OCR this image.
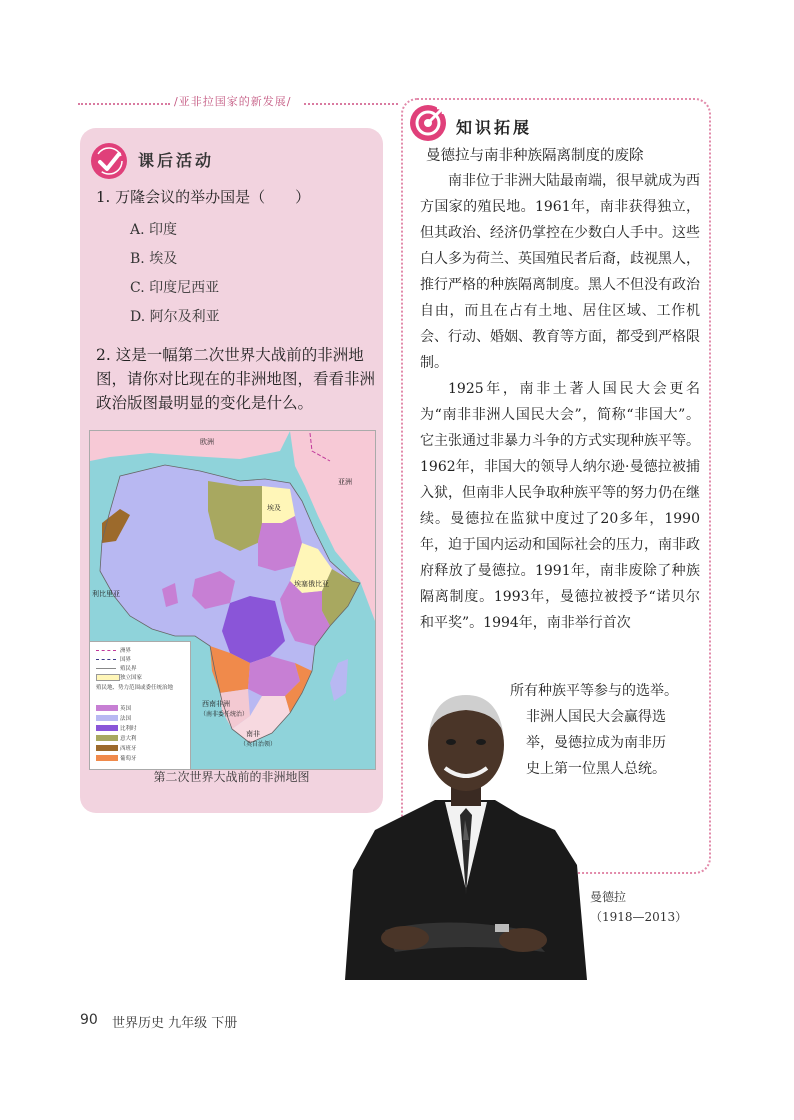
/亚非拉国家的新发展/
课后活动
1. 万隆会议的举办国是（　　）
A. 印度
B. 埃及
C. 印度尼西亚
D. 阿尔及利亚
2. 这是一幅第二次世界大战前的非洲地图，请你对比现在的非洲地图，看看非洲政治版图最明显的变化是什么。
欧洲
亚洲
埃及
利比里亚
埃塞俄比亚
西南非洲
（南非委任统治）
南非
（英自治领）
洲界
国界
殖民界
独立国家
殖民地、势力范围或委任统治地
英国
法国
比利时
意大利
西班牙
葡萄牙
第二次世界大战前的非洲地图
知识拓展
曼德拉与南非种族隔离制度的废除

南非位于非洲大陆最南端，很早就成为西方国家的殖民地。1961年，南非获得独立，但其政治、经济仍掌控在少数白人手中。这些白人多为荷兰、英国殖民者后裔，歧视黑人，推行严格的种族隔离制度。黑人不但没有政治自由，而且在占有土地、居住区域、工作机会、行动、婚姻、教育等方面，都受到严格限制。

1925年，南非土著人国民大会更名为“南非非洲人国民大会”，简称“非国大”。它主张通过非暴力斗争的方式实现种族平等。1962年，非国大的领导人纳尔逊·曼德拉被捕入狱，但南非人民争取种族平等的努力仍在继续。曼德拉在监狱中度过了20多年，1990年，迫于国内运动和国际社会的压力，南非政府释放了曼德拉。1991年，南非废除了种族隔离制度。1993年，曼德拉被授予“诺贝尔和平奖”。1994年，南非举行首次

所有种族平等参与的选举。
非洲人国民大会赢得选
举，曼德拉成为南非历
史上第一位黑人总统。
曼德拉
（1918—2013）
90 世界历史 九年级 下册
